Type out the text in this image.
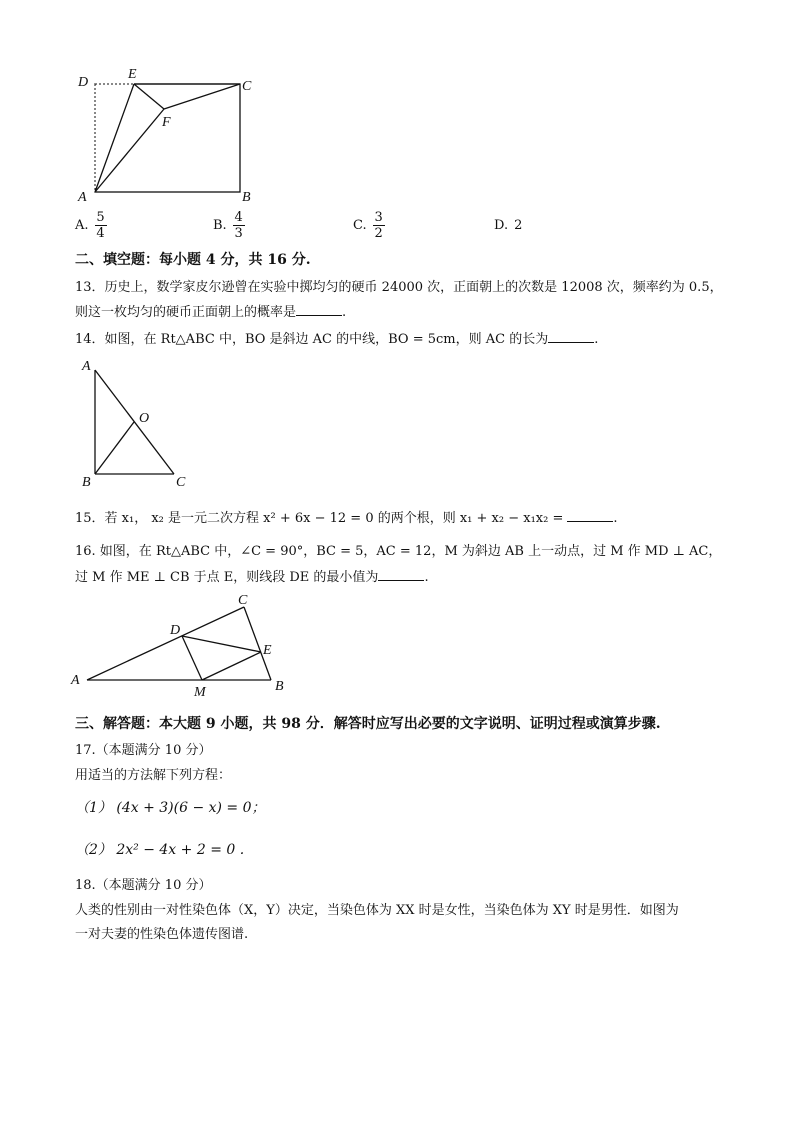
D
E
C
F
A	B
A. $\frac{5}{4}$	B. $\frac{4}{3}$	C. $\frac{3}{2}$	D. 2
二、填空题：每小题 4 分，共 16 分.
13．历史上，数学家皮尔逊曾在实验中掷均匀的硬币 24000 次，正面朝上的次数是 12008 次，频率约为 0.5，
则这一枚均匀的硬币正面朝上的概率是	.
14．如图，在 Rt△ABC 中，BO 是斜边 AC 的中线，BO = 5cm，则 AC 的长为	.
A
O
B	C
15．若 x₁， x₂ 是一元二次方程 x² + 6x − 12 = 0 的两个根，则 x₁ + x₂ − x₁x₂ =	.
16. 如图，在 Rt△ABC 中，∠C = 90°，BC = 5，AC = 12，M 为斜边 AB 上一动点，过 M 作 MD ⊥ AC，
过 M 作 ME ⊥ CB 于点 E，则线段 DE 的最小值为	.
C
D
E
A
M	B
三、解答题：本大题 9 小题，共 98 分．解答时应写出必要的文字说明、证明过程或演算步骤.
17.（本题满分 10 分）
用适当的方法解下列方程：
（1） (4x + 3)(6 − x) = 0；
（2） 2x² − 4x + 2 = 0 .
18.（本题满分 10 分）
人类的性别由一对性染色体（X，Y）决定，当染色体为 XX 时是女性，当染色体为 XY 时是男性．如图为
一对夫妻的性染色体遗传图谱.
